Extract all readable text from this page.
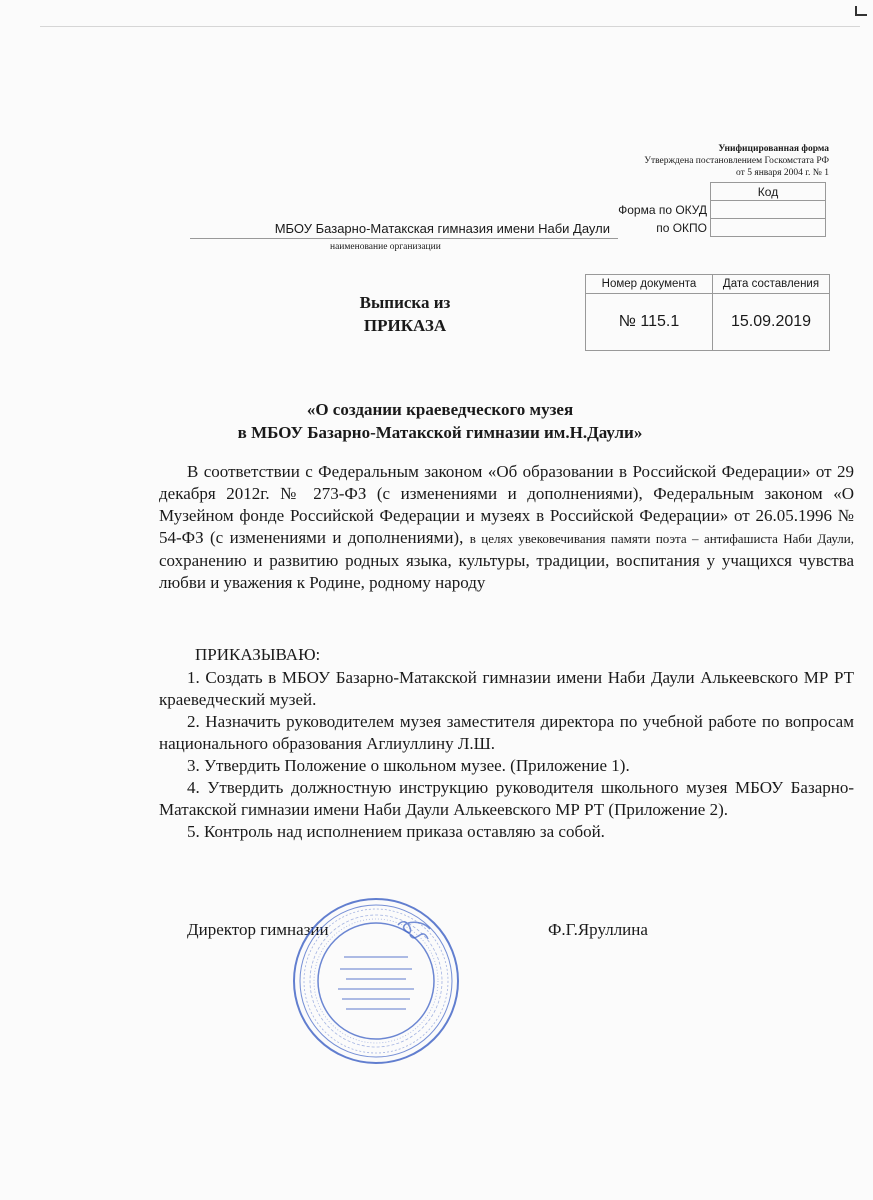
Унифицированная форма
Утверждена постановлением Госкомстата РФ
от 5 января 2004 г. № 1
	Код
Форма по ОКУД	
по ОКПО	
МБОУ Базарно-Матакская гимназия имени Наби Даули
наименование организации
Выписка из
ПРИКАЗА
Номер документа	Дата составления
№ 115.1	15.09.2019
«О создании краеведческого музея
в МБОУ Базарно-Матакской гимназии им.Н.Даули»
В соответствии с Федеральным законом «Об образовании в Российской Федерации» от 29 декабря 2012г. № 273-ФЗ (с изменениями и дополнениями), Федеральным законом «О Музейном фонде Российской Федерации и музеях в Российской Федерации» от 26.05.1996 № 54-ФЗ (с изменениями и дополнениями), в целях увековечивания памяти поэта – антифашиста Наби Даули, сохранению и развитию родных языка, культуры, традиции, воспитания у учащихся чувства любви и уважения к Родине, родному народу
ПРИКАЗЫВАЮ:
1. Создать в МБОУ Базарно-Матакской гимназии имени Наби Даули Алькеевского МР РТ краеведческий музей.
2. Назначить руководителем музея заместителя директора по учебной работе по вопросам национального образования Аглиуллину Л.Ш.
3. Утвердить Положение о школьном музее. (Приложение 1).
4. Утвердить должностную инструкцию руководителя школьного музея МБОУ Базарно-Матакской гимназии имени Наби Даули Алькеевского МР РТ (Приложение 2).
5. Контроль над исполнением приказа оставляю за собой.
Директор гимназии	Ф.Г.Яруллина
